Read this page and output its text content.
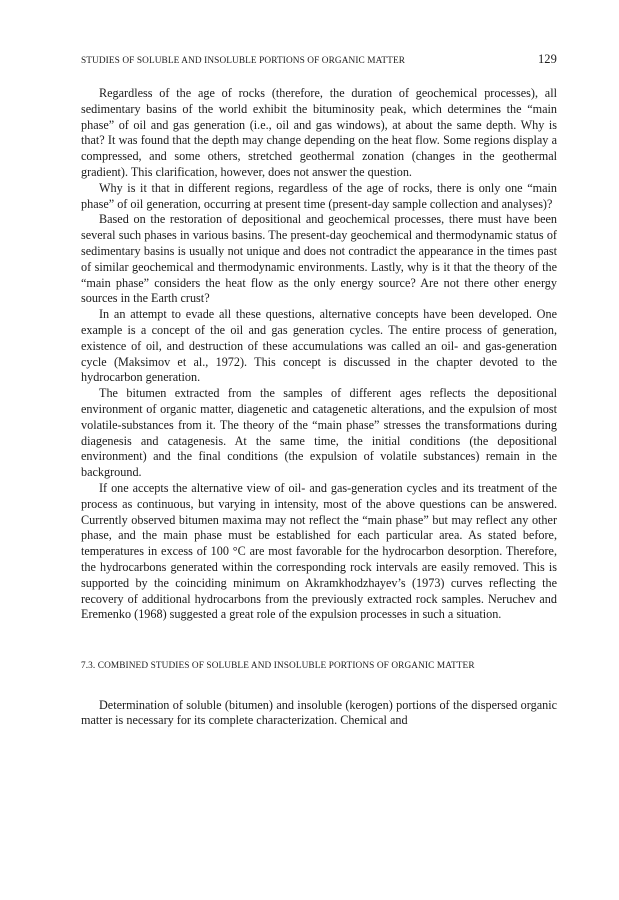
STUDIES OF SOLUBLE AND INSOLUBLE PORTIONS OF ORGANIC MATTER	129

Regardless of the age of rocks (therefore, the duration of geochemical processes), all sedimentary basins of the world exhibit the bituminosity peak, which determines the “main phase” of oil and gas generation (i.e., oil and gas windows), at about the same depth. Why is that? It was found that the depth may change depending on the heat flow. Some regions display a compressed, and some others, stretched geothermal zonation (changes in the geothermal gradient). This clarification, however, does not answer the question.

Why is it that in different regions, regardless of the age of rocks, there is only one “main phase” of oil generation, occurring at present time (present-day sample collection and analyses)?

Based on the restoration of depositional and geochemical processes, there must have been several such phases in various basins. The present-day geochemical and thermodynamic status of sedimentary basins is usually not unique and does not contradict the appearance in the times past of similar geochemical and thermodynamic environments. Lastly, why is it that the theory of the “main phase” considers the heat flow as the only energy source? Are not there other energy sources in the Earth crust?

In an attempt to evade all these questions, alternative concepts have been developed. One example is a concept of the oil and gas generation cycles. The entire process of generation, existence of oil, and destruction of these accumulations was called an oil- and gas-generation cycle (Maksimov et al., 1972). This concept is discussed in the chapter devoted to the hydrocarbon generation.

The bitumen extracted from the samples of different ages reflects the depositional environment of organic matter, diagenetic and catagenetic alterations, and the expulsion of most volatile-substances from it. The theory of the “main phase” stresses the transformations during diagenesis and catagenesis. At the same time, the initial conditions (the depositional environment) and the final conditions (the expulsion of volatile substances) remain in the background.

If one accepts the alternative view of oil- and gas-generation cycles and its treatment of the process as continuous, but varying in intensity, most of the above questions can be answered. Currently observed bitumen maxima may not reflect the “main phase” but may reflect any other phase, and the main phase must be established for each particular area. As stated before, temperatures in excess of 100 °C are most favorable for the hydrocarbon desorption. Therefore, the hydrocarbons generated within the corresponding rock intervals are easily removed. This is supported by the coinciding minimum on Akramkhodzhayev’s (1973) curves reflecting the recovery of additional hydrocarbons from the previously extracted rock samples. Neruchev and Eremenko (1968) suggested a great role of the expulsion processes in such a situation.

7.3. COMBINED STUDIES OF SOLUBLE AND INSOLUBLE PORTIONS OF ORGANIC MATTER

Determination of soluble (bitumen) and insoluble (kerogen) portions of the dispersed organic matter is necessary for its complete characterization. Chemical and
